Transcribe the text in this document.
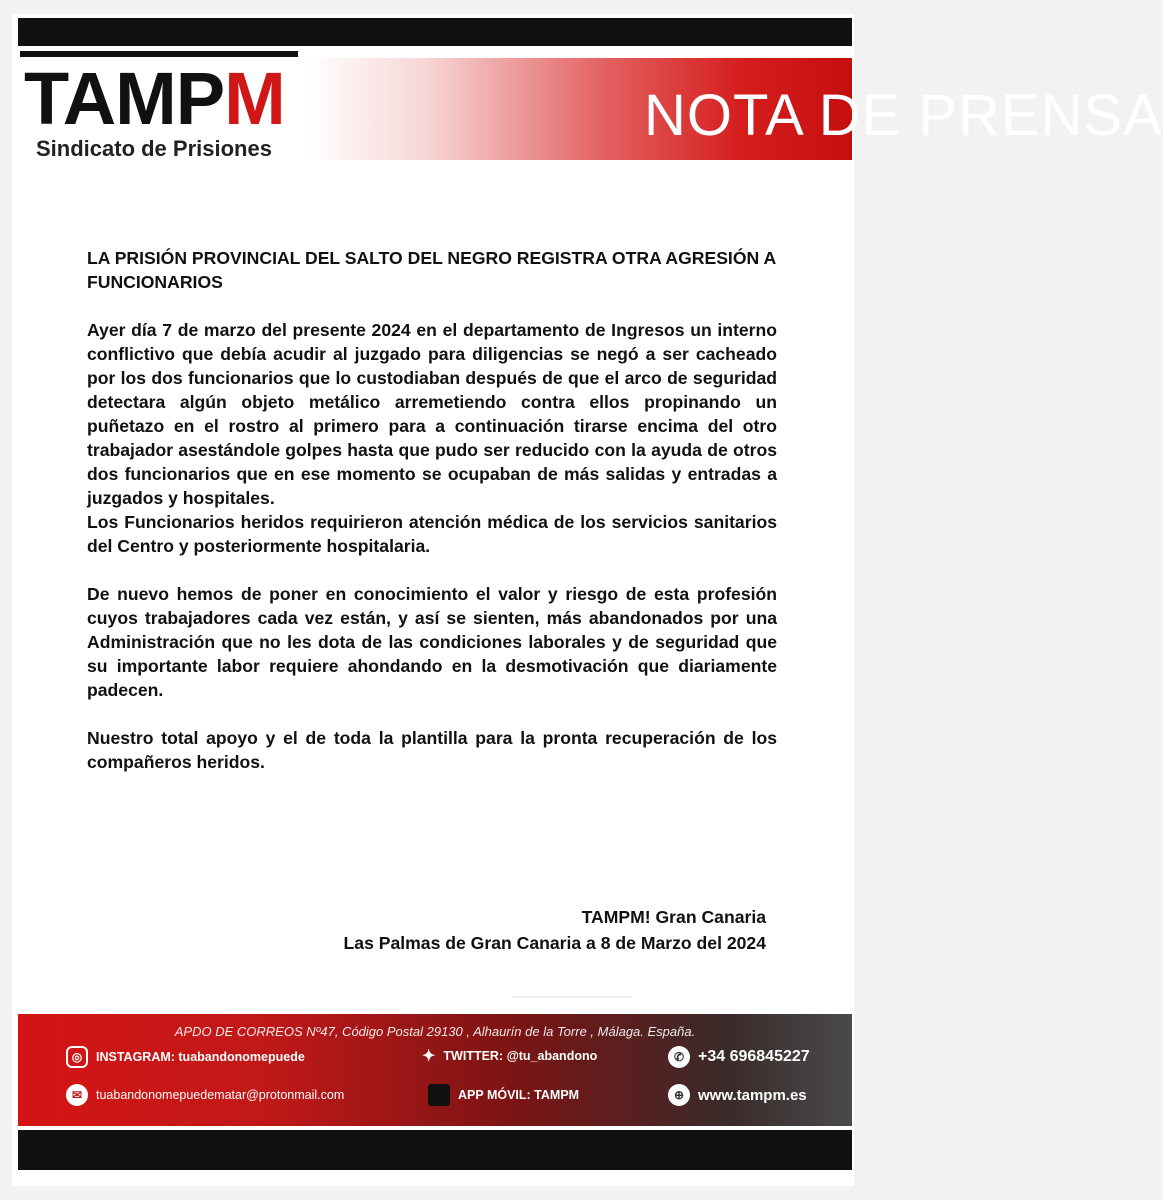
NOTA DE PRENSA
TAMPM
Sindicato de Prisiones

LA PRISIÓN PROVINCIAL DEL SALTO DEL NEGRO REGISTRA OTRA AGRESIÓN A FUNCIONARIOS

Ayer día 7 de marzo del presente 2024 en el departamento de Ingresos un interno conflictivo que debía acudir al juzgado para diligencias se negó a ser cacheado por los dos funcionarios que lo custodiaban después de que el arco de seguridad detectara algún objeto metálico arremetiendo contra ellos propinando un puñetazo en el rostro al primero para a continuación tirarse encima del otro trabajador asestándole golpes hasta que pudo ser reducido con la ayuda de otros dos funcionarios que en ese momento se ocupaban de más salidas y entradas a juzgados y hospitales.

Los Funcionarios heridos requirieron atención médica de los servicios sanitarios del Centro y posteriormente hospitalaria.

De nuevo hemos de poner en conocimiento el valor y riesgo de esta profesión cuyos trabajadores cada vez están, y así se sienten, más abandonados por una Administración que no les dota de las condiciones laborales y de seguridad que su importante labor requiere ahondando en la desmotivación que diariamente padecen.

Nuestro total apoyo y el de toda la plantilla para la pronta recuperación de los compañeros heridos.

TAMPM! Gran Canaria
Las Palmas de Gran Canaria a 8 de Marzo del 2024
APDO DE CORREOS Nº47, Código Postal 29130 , Alhaurín de la Torre , Málaga. España.
◎	INSTAGRAM: tuabandonomepuede	✦ TWITTER: @tu_abandono	✆ +34 696845227
✉	tuabandonomepuedematar@protonmail.com	APP MÓVIL: TAMPM	⊕ www.tampm.es
